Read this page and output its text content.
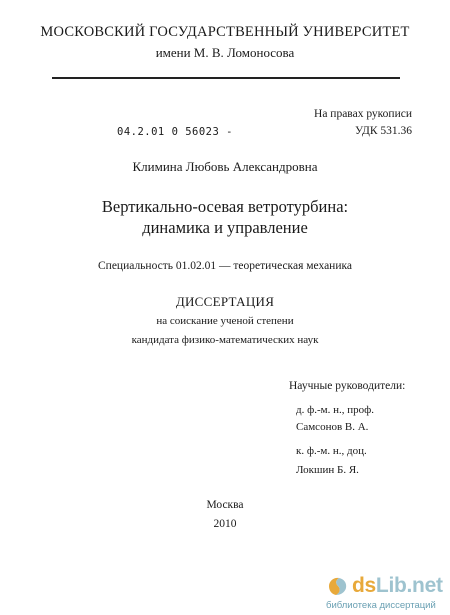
МОСКОВСКИЙ ГОСУДАРСТВЕННЫЙ УНИВЕРСИТЕТ
имени М. В. Ломоносова
На правах рукописи
УДК 531.36
04.2.01 0 56023 -
Климина Любовь Александровна
Вертикально-осевая ветротурбина:
динамика и управление
Специальность 01.02.01 — теоретическая механика
ДИССЕРТАЦИЯ
на соискание ученой степени
кандидата физико-математических наук
Научные руководители:
д. ф.-м. н., проф.
Самсонов В. А.
к. ф.-м. н., доц.
Локшин Б. Я.
Москва
2010
dsLib.net
библиотека диссертаций
